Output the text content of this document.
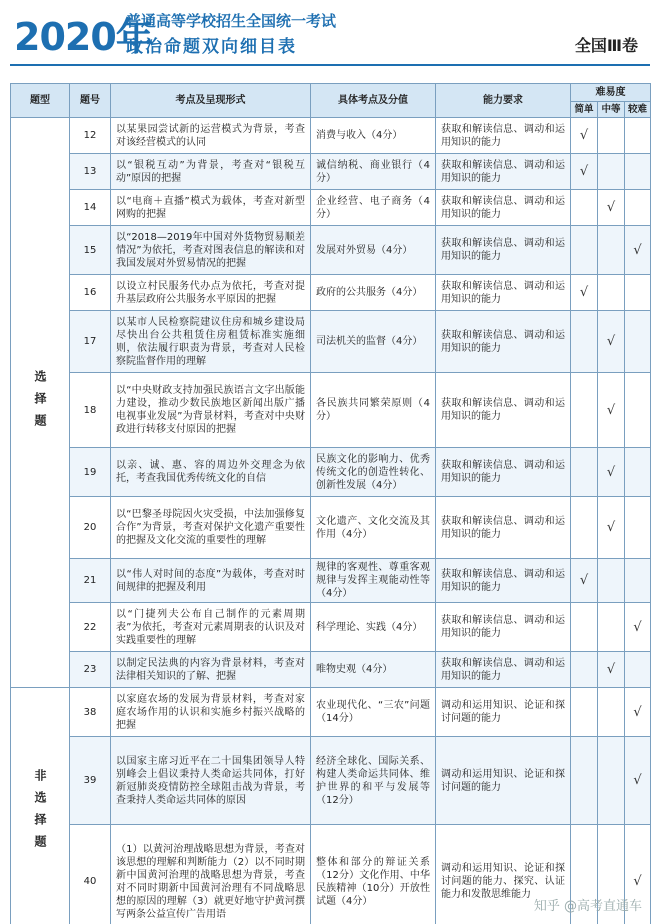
2020年
普通高等学校招生全国统一考试
政治命题双向细目表	全国Ⅲ卷
题型	题号	考点及呈现形式	具体考点及分值	能力要求	难易度		
					简单	中等	较难
选择题	12	以某果园尝试新的运营模式为背景，考查对该经营模式的认同	消费与收入（4分）	获取和解读信息、调动和运用知识的能力	√		
	13	以“银税互动”为背景，考查对“银税互动”原因的把握	诚信纳税、商业银行（4分）	获取和解读信息、调动和运用知识的能力	√		
	14	以“电商＋直播”模式为载体，考查对新型网购的把握	企业经营、电子商务（4分）	获取和解读信息、调动和运用知识的能力		√	
	15	以“2018—2019年中国对外货物贸易顺差情况”为依托，考查对图表信息的解读和对我国发展对外贸易情况的把握	发展对外贸易（4分）	获取和解读信息、调动和运用知识的能力			√
	16	以设立村民服务代办点为依托，考查对提升基层政府公共服务水平原因的把握	政府的公共服务（4分）	获取和解读信息、调动和运用知识的能力	√		
	17	以某市人民检察院建议住房和城乡建设局尽快出台公共租赁住房租赁标准实施细则，依法履行职责为背景，考查对人民检察院监督作用的理解	司法机关的监督（4分）	获取和解读信息、调动和运用知识的能力		√	
	18	以“中央财政支持加强民族语言文字出版能力建设，推动少数民族地区新闻出版广播电视事业发展”为背景材料，考查对中央财政进行转移支付原因的把握	各民族共同繁荣原则（4分）	获取和解读信息、调动和运用知识的能力		√	
	19	以亲、诚、惠、容的周边外交理念为依托，考查我国优秀传统文化的自信	民族文化的影响力、优秀传统文化的创造性转化、创新性发展（4分）	获取和解读信息、调动和运用知识的能力		√	
	20	以“巴黎圣母院因火灾受损，中法加强修复合作”为背景，考查对保护文化遗产重要性的把握及文化交流的重要性的理解	文化遗产、文化交流及其作用（4分）	获取和解读信息、调动和运用知识的能力		√	
	21	以“伟人对时间的态度”为载体，考查对时间规律的把握及利用	规律的客观性、尊重客观规律与发挥主观能动性等（4分）	获取和解读信息、调动和运用知识的能力	√		
	22	以“门捷列夫公布自己制作的元素周期表”为依托，考查对元素周期表的认识及对实践重要性的理解	科学理论、实践（4分）	获取和解读信息、调动和运用知识的能力			√
	23	以制定民法典的内容为背景材料，考查对法律相关知识的了解、把握	唯物史观（4分）	获取和解读信息、调动和运用知识的能力		√	
非选择题	38	以家庭农场的发展为背景材料，考查对家庭农场作用的认识和实施乡村振兴战略的把握	农业现代化、“三农”问题（14分）	调动和运用知识、论证和探讨问题的能力			√
	39	以国家主席习近平在二十国集团领导人特别峰会上倡议秉持人类命运共同体，打好新冠肺炎疫情防控全球阻击战为背景，考查秉持人类命运共同体的原因	经济全球化、国际关系、构建人类命运共同体、维护世界的和平与发展等（12分）	调动和运用知识、论证和探讨问题的能力			√
	40	（1）以黄河治理战略思想为背景，考查对该思想的理解和判断能力（2）以不同时期新中国黄河治理的战略思想为背景，考查对不同时期新中国黄河治理有不同战略思想的原因的理解（3）就更好地守护黄河撰写两条公益宣传广告用语	整体和部分的辩证关系（12分）文化作用、中华民族精神（10分）开放性试题（4分）	调动和运用知识、论证和探讨问题的能力、探究、认证能力和发散思维能力			√
知乎 @高考直通车
